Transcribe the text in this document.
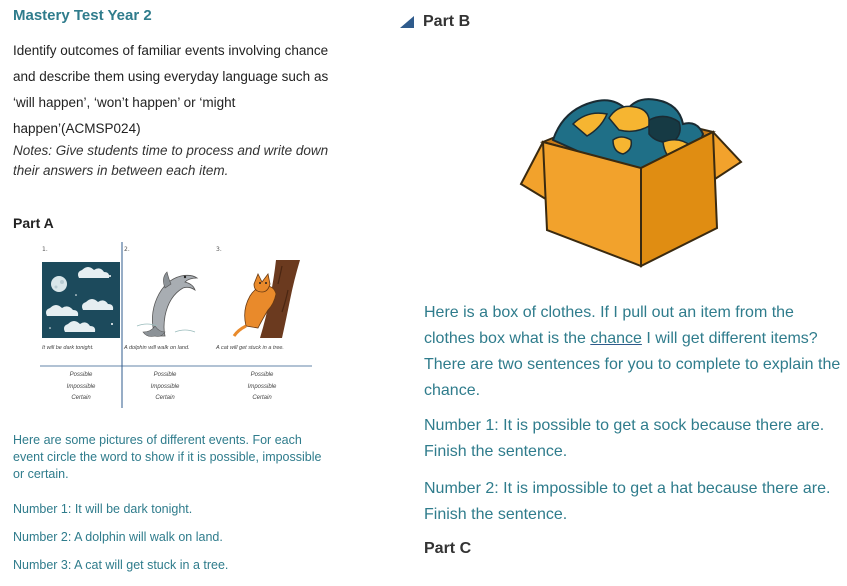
Mastery Test Year 2
Identify outcomes of familiar events involving chance and describe them using everyday language such as ‘will happen’, ‘won’t happen’ or ‘might happen’(ACMSP024)
Notes: Give students time to process and write down their answers in between each item.
Part A
1.
It will be dark tonight.
Possible
Impossible
Certain
2.
A dolphin will walk on land.
Possible
Impossible
Certain
3.
A cat will get stuck in a tree.
Possible
Impossible
Certain
Here are some pictures of different events. For each event circle the word to show if it is possible, impossible or certain.
Number 1: It will be dark tonight.
Number 2: A dolphin will walk on land.
Number 3: A cat will get stuck in a tree.
Part B
Here is a box of clothes. If I pull out an item from the clothes box what is the chance I will get different items? There are two sentences for you to complete to explain the chance.
Number 1: It is possible to get a sock because there are. Finish the sentence.
Number 2: It is impossible to get a hat because there are. Finish the sentence.
Part C
